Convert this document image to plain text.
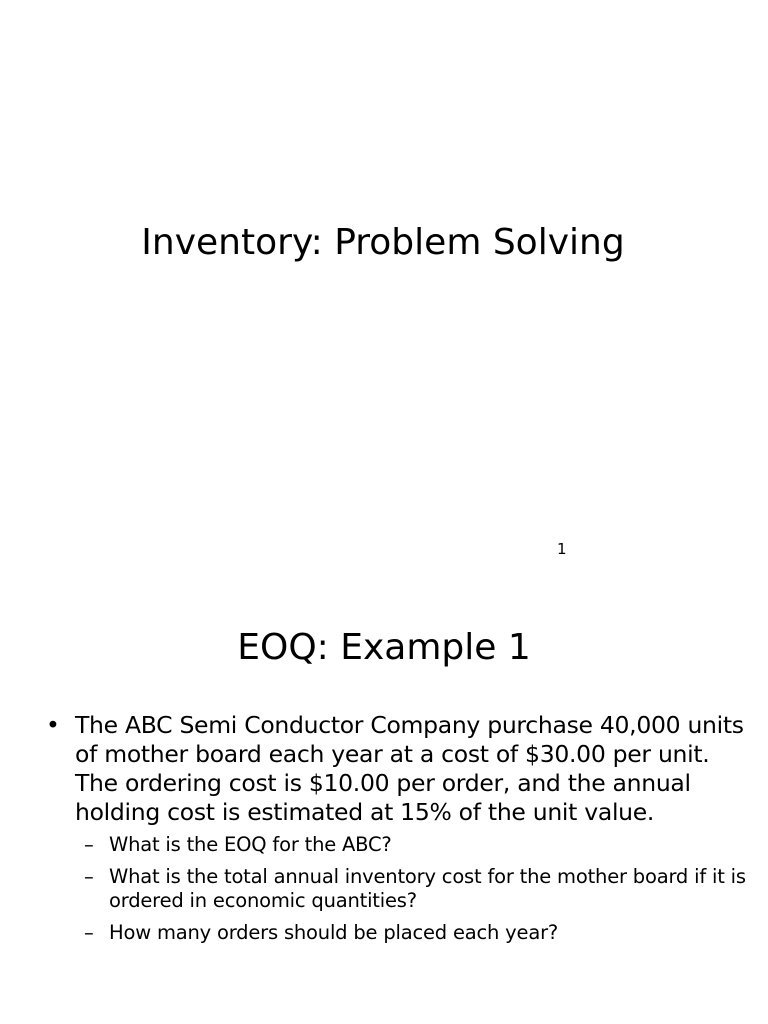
Inventory: Problem Solving
1
EOQ: Example 1
• The ABC Semi Conductor Company purchase 40,000 units of mother board each year at a cost of $30.00 per unit. The ordering cost is $10.00 per order, and the annual holding cost is estimated at 15% of the unit value.
– What is the EOQ for the ABC?
– What is the total annual inventory cost for the mother board if it is ordered in economic quantities?
– How many orders should be placed each year?
